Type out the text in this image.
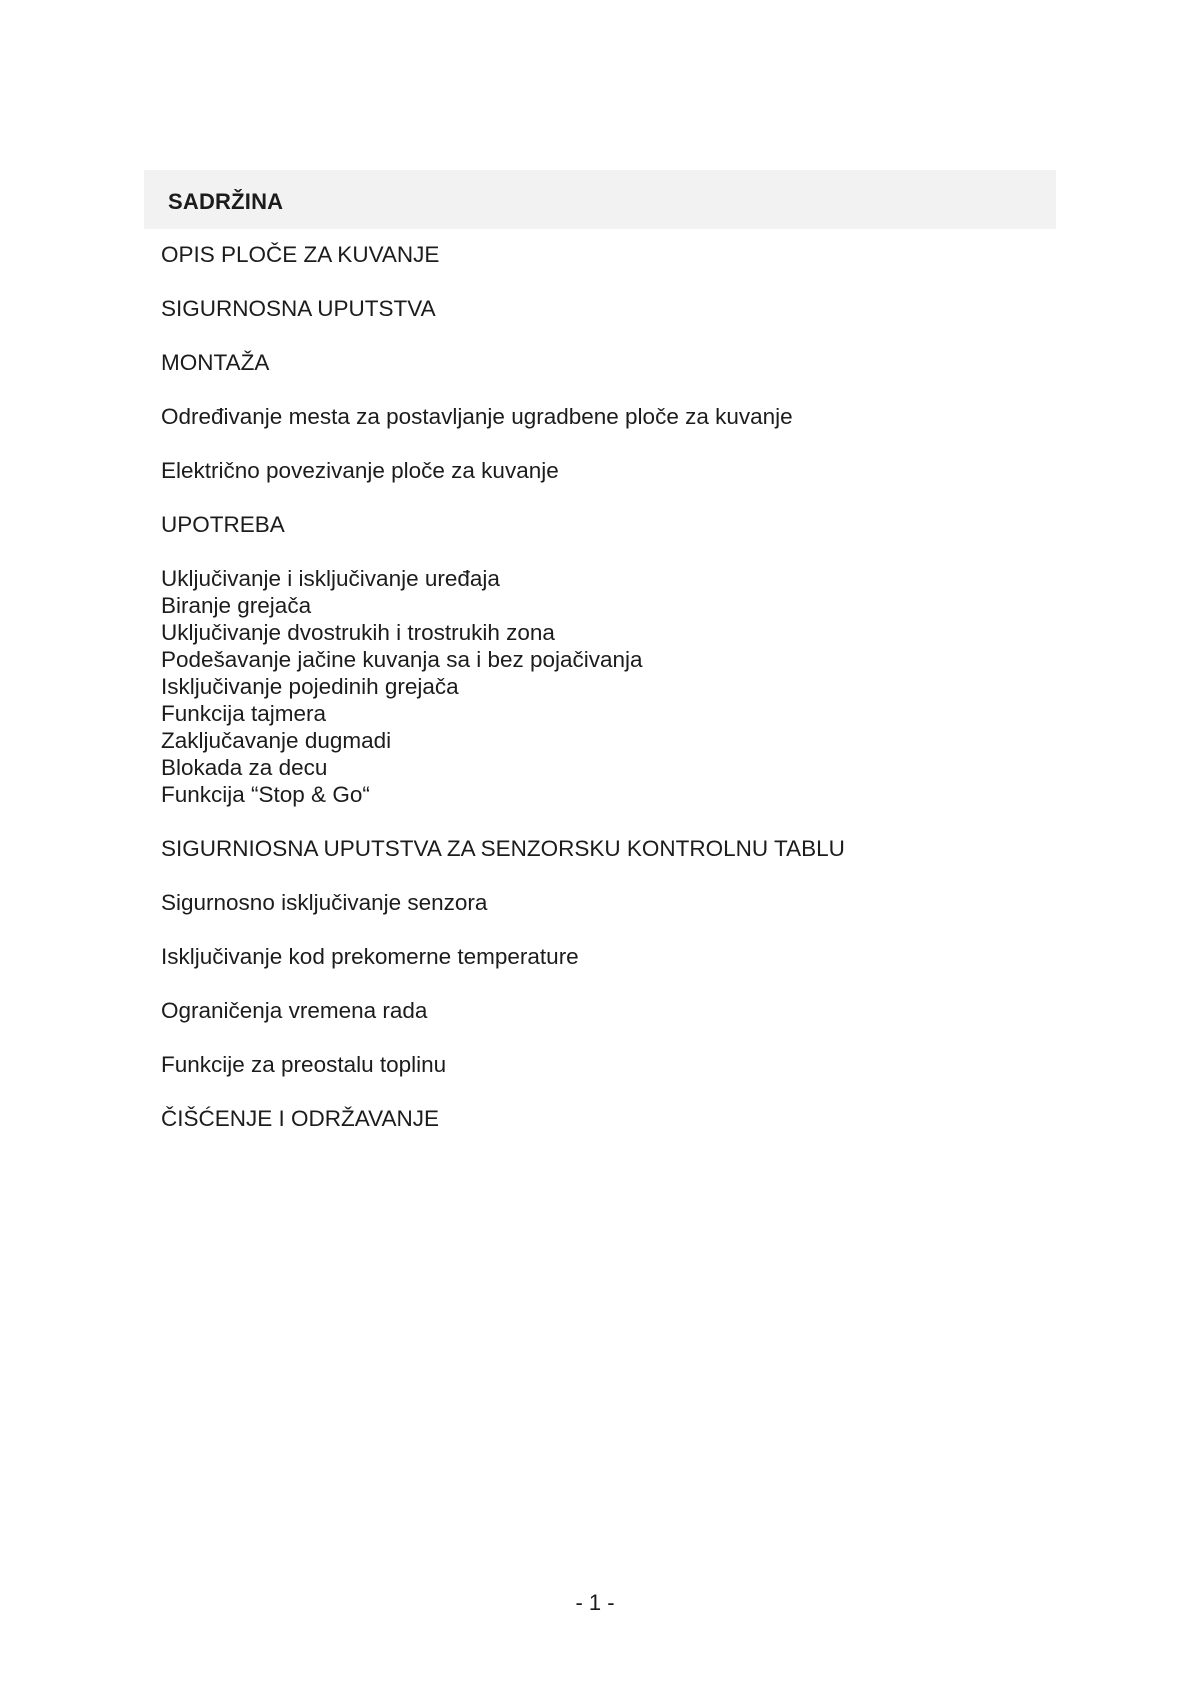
SADRŽINA
OPIS PLOČE ZA KUVANJE
SIGURNOSNA UPUTSTVA
MONTAŽA
Određivanje mesta za postavljanje ugradbene ploče za kuvanje
Električno povezivanje ploče za kuvanje
UPOTREBA
Uključivanje i isključivanje uređaja
Biranje grejača
Uključivanje dvostrukih i trostrukih zona
Podešavanje jačine kuvanja sa i bez pojačivanja
Isključivanje pojedinih grejača
Funkcija tajmera
Zaključavanje dugmadi
Blokada za decu
Funkcija “Stop & Go“
SIGURNIOSNA UPUTSTVA ZA SENZORSKU KONTROLNU TABLU
Sigurnosno isključivanje senzora
Isključivanje kod prekomerne temperature
Ograničenja vremena rada
Funkcije za preostalu toplinu
ČIŠĆENJE I ODRŽAVANJE
- 1 -
